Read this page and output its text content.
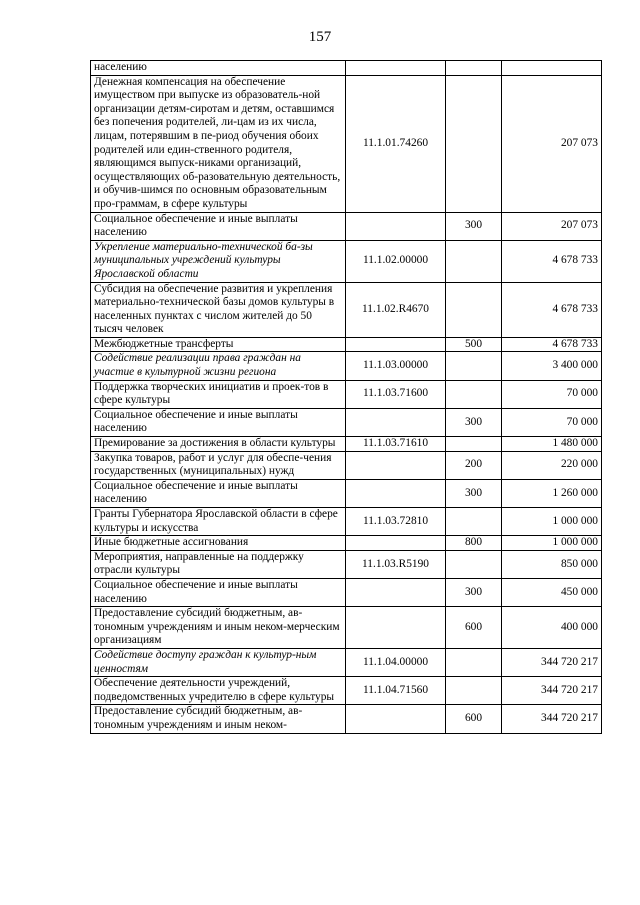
157
населению			
Денежная компенсация на обеспечение имуществом при выпуске из образователь-ной организации детям-сиротам и детям, оставшимся без попечения родителей, ли-цам из их числа, лицам, потерявшим в пе-риод обучения обоих родителей или един-ственного родителя, являющимся выпуск-никами организаций, осуществляющих об-разовательную деятельность, и обучив-шимся по основным образовательным про-граммам, в сфере культуры	11.1.01.74260		207 073
Социальное обеспечение и иные выплаты населению		300	207 073
Укрепление материально-технической ба-зы муниципальных учреждений культуры Ярославской области	11.1.02.00000		4 678 733
Субсидия на обеспечение развития и укрепления материально-технической базы домов культуры в населенных пунктах с числом жителей до 50 тысяч человек	11.1.02.R4670		4 678 733
Межбюджетные трансферты		500	4 678 733
Содействие реализации права граждан на участие в культурной жизни региона	11.1.03.00000		3 400 000
Поддержка творческих инициатив и проек-тов в сфере культуры	11.1.03.71600		70 000
Социальное обеспечение и иные выплаты населению		300	70 000
Премирование за достижения в области культуры	11.1.03.71610		1 480 000
Закупка товаров, работ и услуг для обеспе-чения государственных (муниципальных) нужд		200	220 000
Социальное обеспечение и иные выплаты населению		300	1 260 000
Гранты Губернатора Ярославской области в сфере культуры и искусства	11.1.03.72810		1 000 000
Иные бюджетные ассигнования		800	1 000 000
Мероприятия, направленные на поддержку отрасли культуры	11.1.03.R5190		850 000
Социальное обеспечение и иные выплаты населению		300	450 000
Предоставление субсидий бюджетным, ав-тономным учреждениям и иным неком-мерческим организациям		600	400 000
Содействие доступу граждан к культур-ным ценностям	11.1.04.00000		344 720 217
Обеспечение деятельности учреждений, подведомственных учредителю в сфере культуры	11.1.04.71560		344 720 217
Предоставление субсидий бюджетным, ав-тономным учреждениям и иным неком-		600	344 720 217
